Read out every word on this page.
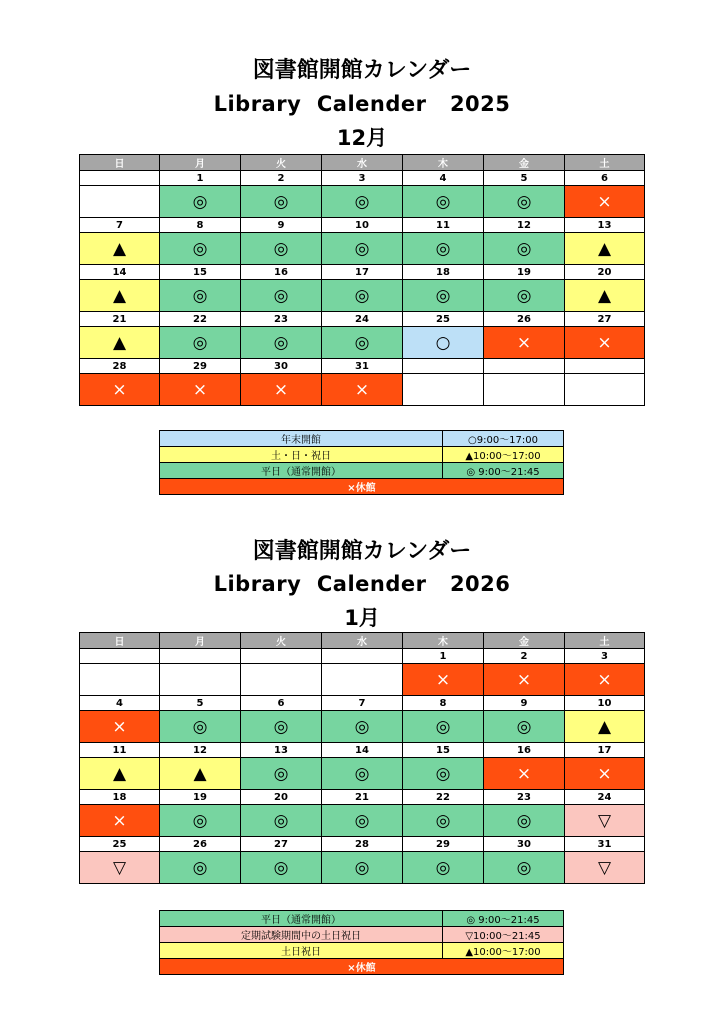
図書館開館カレンダー
Library  Calender   2025
12月
日	月	火	水	木	金	土
	1	2	3	4	5	6
	◎	◎	◎	◎	◎	×
7	8	9	10	11	12	13
▲	◎	◎	◎	◎	◎	▲
14	15	16	17	18	19	20
▲	◎	◎	◎	◎	◎	▲
21	22	23	24	25	26	27
▲	◎	◎	◎	○	×	×
28	29	30	31			
×	×	×	×			
年末開館	○9:00～17:00
土・日・祝日	▲10:00～17:00
平日（通常開館）	◎ 9:00～21:45
×休館	
図書館開館カレンダー
Library  Calender   2026
1月
日	月	火	水	木	金	土
				1	2	3
				×	×	×
4	5	6	7	8	9	10
×	◎	◎	◎	◎	◎	▲
11	12	13	14	15	16	17
▲	▲	◎	◎	◎	×	×
18	19	20	21	22	23	24
×	◎	◎	◎	◎	◎	▽
25	26	27	28	29	30	31
▽	◎	◎	◎	◎	◎	▽
平日（通常開館）	◎ 9:00～21:45
定期試験期間中の土日祝日	▽10:00～21:45
土日祝日	▲10:00～17:00
×休館	
